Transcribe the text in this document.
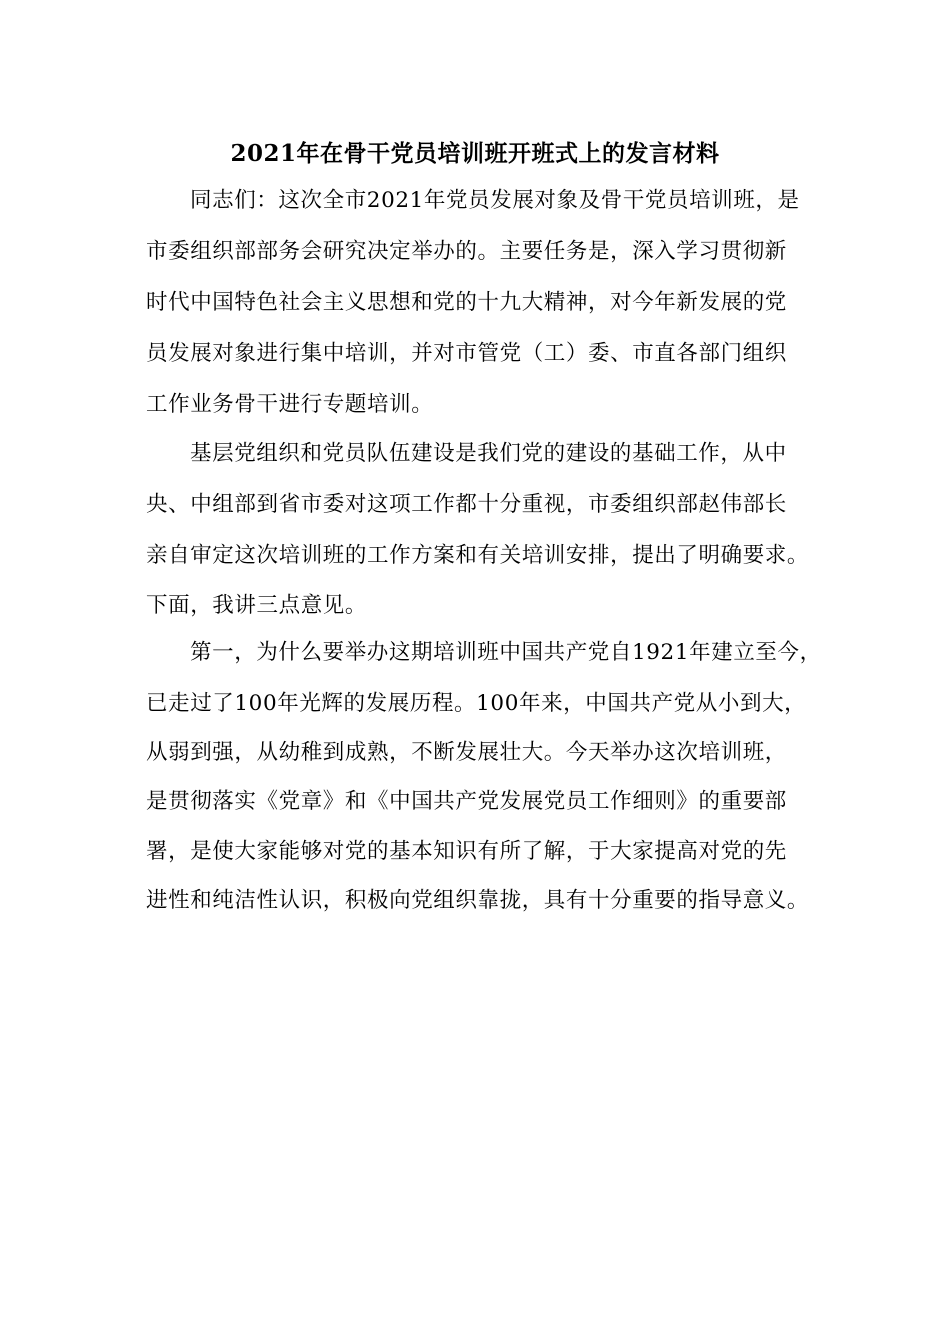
2021年在骨干党员培训班开班式上的发言材料
同志们：这次全市2021年党员发展对象及骨干党员培训班，是
市委组织部部务会研究决定举办的。主要任务是，深入学习贯彻新
时代中国特色社会主义思想和党的十九大精神，对今年新发展的党
员发展对象进行集中培训，并对市管党（工）委、市直各部门组织
工作业务骨干进行专题培训。
基层党组织和党员队伍建设是我们党的建设的基础工作，从中
央、中组部到省市委对这项工作都十分重视，市委组织部赵伟部长
亲自审定这次培训班的工作方案和有关培训安排，提出了明确要求。
下面，我讲三点意见。
第一，为什么要举办这期培训班中国共产党自1921年建立至今，
已走过了100年光辉的发展历程。100年来，中国共产党从小到大，
从弱到强，从幼稚到成熟，不断发展壮大。今天举办这次培训班，
是贯彻落实《党章》和《中国共产党发展党员工作细则》的重要部
署，是使大家能够对党的基本知识有所了解，于大家提高对党的先
进性和纯洁性认识，积极向党组织靠拢，具有十分重要的指导意义。
